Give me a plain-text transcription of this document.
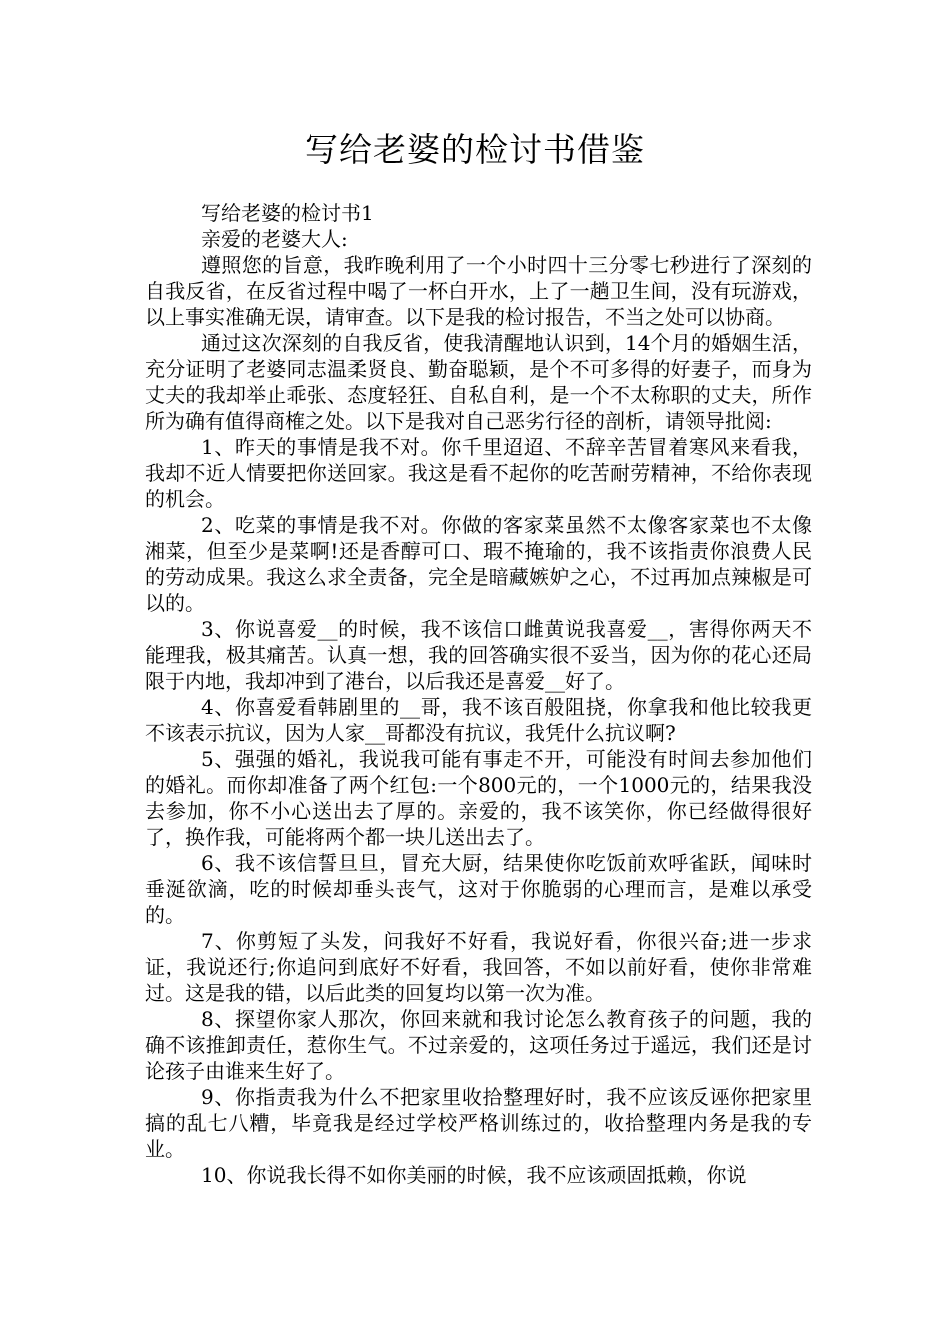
写给老婆的检讨书借鉴

写给老婆的检讨书1

亲爱的老婆大人:

遵照您的旨意，我昨晚利用了一个小时四十三分零七秒进行了深刻的自我反省，在反省过程中喝了一杯白开水，上了一趟卫生间，没有玩游戏，以上事实准确无误，请审查。以下是我的检讨报告，不当之处可以协商。

通过这次深刻的自我反省，使我清醒地认识到，14个月的婚姻生活，充分证明了老婆同志温柔贤良、勤奋聪颖，是个不可多得的好妻子，而身为丈夫的我却举止乖张、态度轻狂、自私自利，是一个不太称职的丈夫，所作所为确有值得商榷之处。以下是我对自己恶劣行径的剖析，请领导批阅:

1、昨天的事情是我不对。你千里迢迢、不辞辛苦冒着寒风来看我，我却不近人情要把你送回家。我这是看不起你的吃苦耐劳精神，不给你表现的机会。

2、吃菜的事情是我不对。你做的客家菜虽然不太像客家菜也不太像湘菜，但至少是菜啊!还是香醇可口、瑕不掩瑜的，我不该指责你浪费人民的劳动成果。我这么求全责备，完全是暗藏嫉妒之心，不过再加点辣椒是可以的。

3、你说喜爱__的时候，我不该信口雌黄说我喜爱__，害得你两天不能理我，极其痛苦。认真一想，我的回答确实很不妥当，因为你的花心还局限于内地，我却冲到了港台，以后我还是喜爱__好了。

4、你喜爱看韩剧里的__哥，我不该百般阻挠，你拿我和他比较我更不该表示抗议，因为人家__哥都没有抗议，我凭什么抗议啊?

5、强强的婚礼，我说我可能有事走不开，可能没有时间去参加他们的婚礼。而你却准备了两个红包:一个800元的，一个1000元的，结果我没去参加，你不小心送出去了厚的。亲爱的，我不该笑你，你已经做得很好了，换作我，可能将两个都一块儿送出去了。

6、我不该信誓旦旦，冒充大厨，结果使你吃饭前欢呼雀跃，闻味时垂涎欲滴，吃的时候却垂头丧气，这对于你脆弱的心理而言，是难以承受的。

7、你剪短了头发，问我好不好看，我说好看，你很兴奋;进一步求证，我说还行;你追问到底好不好看，我回答，不如以前好看，使你非常难过。这是我的错，以后此类的回复均以第一次为准。

8、探望你家人那次，你回来就和我讨论怎么教育孩子的问题，我的确不该推卸责任，惹你生气。不过亲爱的，这项任务过于遥远，我们还是讨论孩子由谁来生好了。

9、你指责我为什么不把家里收拾整理好时，我不应该反诬你把家里搞的乱七八糟，毕竟我是经过学校严格训练过的，收拾整理内务是我的专业。

10、你说我长得不如你美丽的时候，我不应该顽固抵赖，你说
